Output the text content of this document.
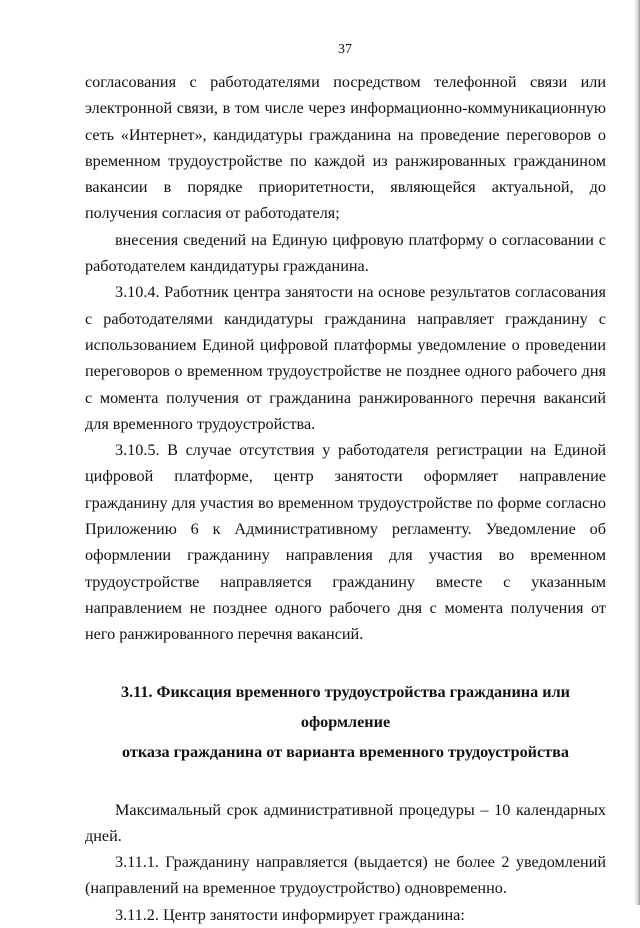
37

согласования с работодателями посредством телефонной связи или электронной связи, в том числе через информационно-коммуникационную сеть «Интернет», кандидатуры гражданина на проведение переговоров о временном трудоустройстве по каждой из ранжированных гражданином вакансии в порядке приоритетности, являющейся актуальной, до получения согласия от работодателя;

внесения сведений на Единую цифровую платформу о согласовании с работодателем кандидатуры гражданина.

3.10.4. Работник центра занятости на основе результатов согласования с работодателями кандидатуры гражданина направляет гражданину с использованием Единой цифровой платформы уведомление о проведении переговоров о временном трудоустройстве не позднее одного рабочего дня с момента получения от гражданина ранжированного перечня вакансий для временного трудоустройства.

3.10.5. В случае отсутствия у работодателя регистрации на Единой цифровой платформе, центр занятости оформляет направление гражданину для участия во временном трудоустройстве по форме согласно Приложению 6 к Административному регламенту. Уведомление об оформлении гражданину направления для участия во временном трудоустройстве направляется гражданину вместе с указанным направлением не позднее одного рабочего дня с момента получения от него ранжированного перечня вакансий.

3.11. Фиксация временного трудоустройства гражданина или оформление
отказа гражданина от варианта временного трудоустройства

Максимальный срок административной процедуры – 10 календарных дней.

3.11.1. Гражданину направляется (выдается) не более 2 уведомлений (направлений на временное трудоустройство) одновременно.

3.11.2. Центр занятости информирует гражданина:
